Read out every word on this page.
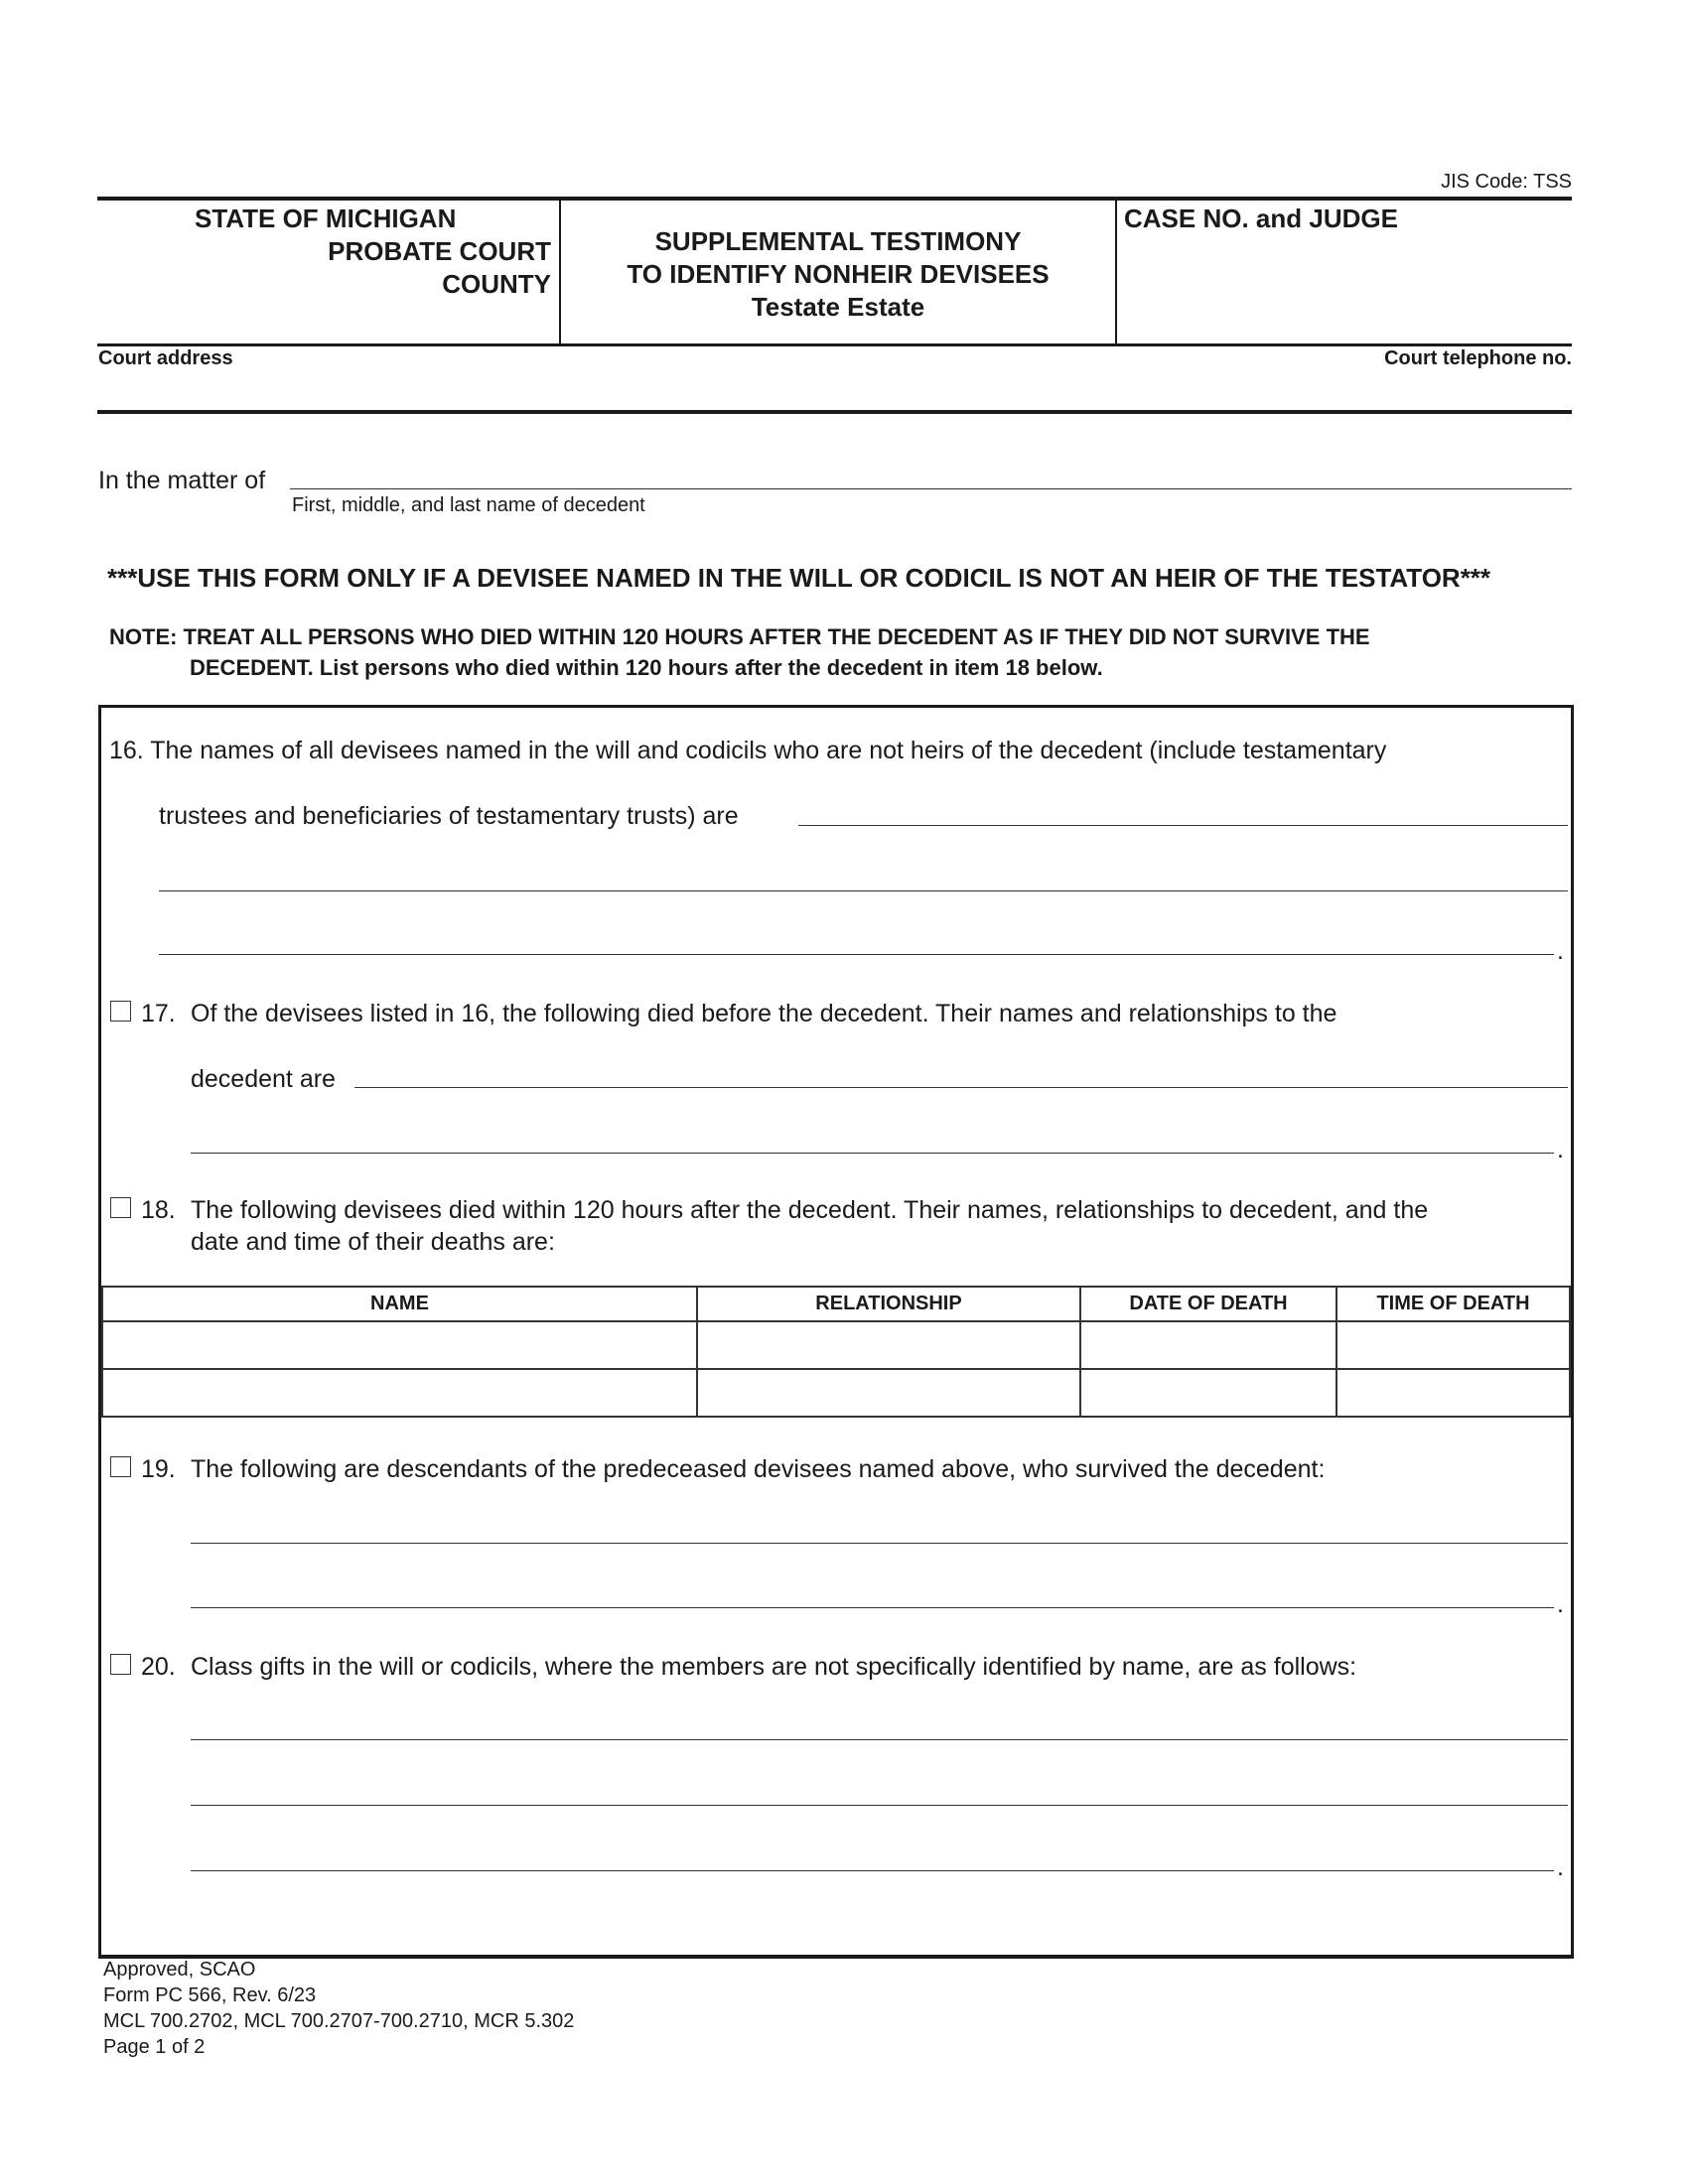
JIS Code: TSS
STATE OF MICHIGAN
PROBATE COURT
COUNTY
SUPPLEMENTAL TESTIMONY
TO IDENTIFY NONHEIR DEVISEES
Testate Estate
CASE NO. and JUDGE
Court address	Court telephone no.
In the matter of
First, middle, and last name of decedent
***USE THIS FORM ONLY IF A DEVISEE NAMED IN THE WILL OR CODICIL IS NOT AN HEIR OF THE TESTATOR***
NOTE: TREAT ALL PERSONS WHO DIED WITHIN 120 HOURS AFTER THE DECEDENT AS IF THEY DID NOT SURVIVE THE
DECEDENT. List persons who died within 120 hours after the decedent in item 18 below.
16. The names of all devisees named in the will and codicils who are not heirs of the decedent (include testamentary
trustees and beneficiaries of testamentary trusts) are
.
17. Of the devisees listed in 16, the following died before the decedent. Their names and relationships to the
decedent are
.
18. The following devisees died within 120 hours after the decedent. Their names, relationships to decedent, and the
date and time of their deaths are:
NAME	RELATIONSHIP	DATE OF DEATH	TIME OF DEATH

19. The following are descendants of the predeceased devisees named above, who survived the decedent:
.
20. Class gifts in the will or codicils, where the members are not specifically identified by name, are as follows:
.
Approved, SCAO
Form PC 566, Rev. 6/23
MCL 700.2702, MCL 700.2707-700.2710, MCR 5.302
Page 1 of 2
